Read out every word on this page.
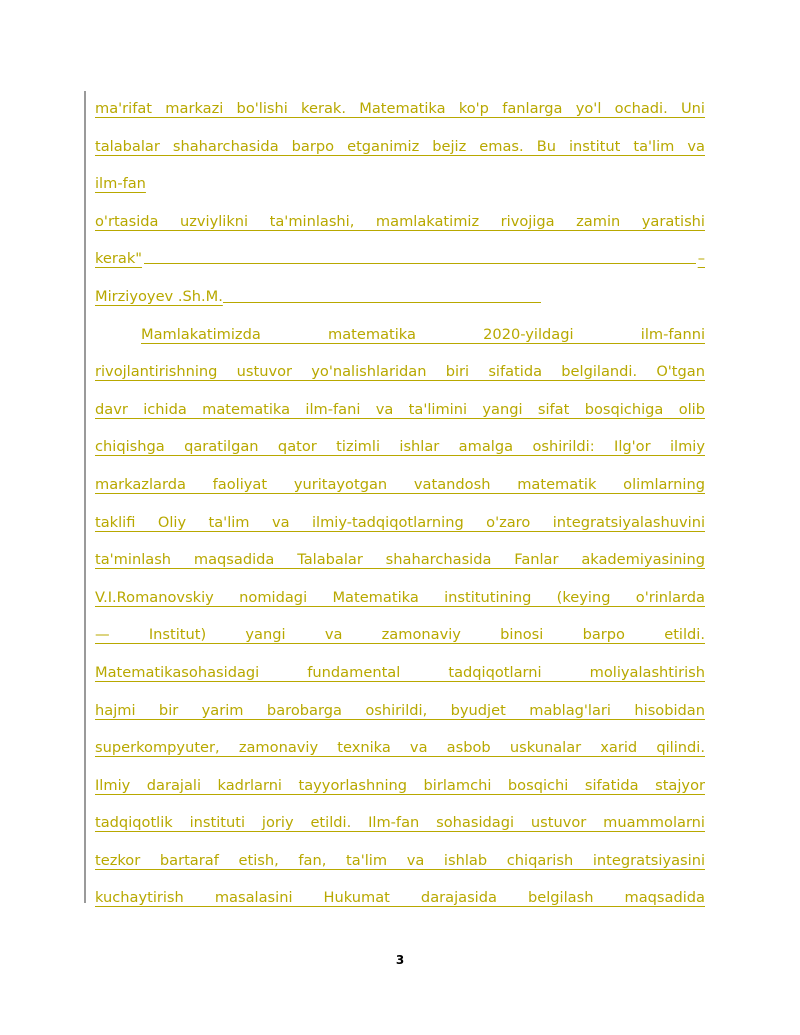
ma'rifat markazi bo'lishi kerak. Matematika ko'p fanlarga yo'l ochadi. Uni
talabalar shaharchasida barpo etganimiz bejiz emas. Bu institut ta'lim va
ilm-fan
o'rtasida uzviylikni ta'minlashi, mamlakatimiz rivojiga zamin yaratishi
kerak"	–
Mirziyoyev .Sh.M.
Mamlakatimizda matematika 2020-yildagi ilm-fanni
rivojlantirishning ustuvor yo'nalishlaridan biri sifatida belgilandi. O'tgan
davr ichida matematika ilm-fani va ta'limini yangi sifat bosqichiga olib
chiqishga qaratilgan qator tizimli ishlar amalga oshirildi: Ilg'or ilmiy
markazlarda faoliyat yuritayotgan vatandosh matematik olimlarning
taklifi Oliy ta'lim va ilmiy-tadqiqotlarning o'zaro integratsiyalashuvini
ta'minlash maqsadida Talabalar shaharchasida Fanlar akademiyasining
V.I.Romanovskiy nomidagi Matematika institutining (keying o'rinlarda
— Institut) yangi va zamonaviy binosi barpo etildi.
Matematikasohasidagi fundamental tadqiqotlarni moliyalashtirish
hajmi bir yarim barobarga oshirildi, byudjet mablag'lari hisobidan
superkompyuter, zamonaviy texnika va asbob uskunalar xarid qilindi.
Ilmiy darajali kadrlarni tayyorlashning birlamchi bosqichi sifatida stajyor
tadqiqotlik instituti joriy etildi. Ilm-fan sohasidagi ustuvor muammolarni
tezkor bartaraf etish, fan, ta'lim va ishlab chiqarish integratsiyasini
kuchaytirish masalasini Hukumat darajasida belgilash maqsadida
3
